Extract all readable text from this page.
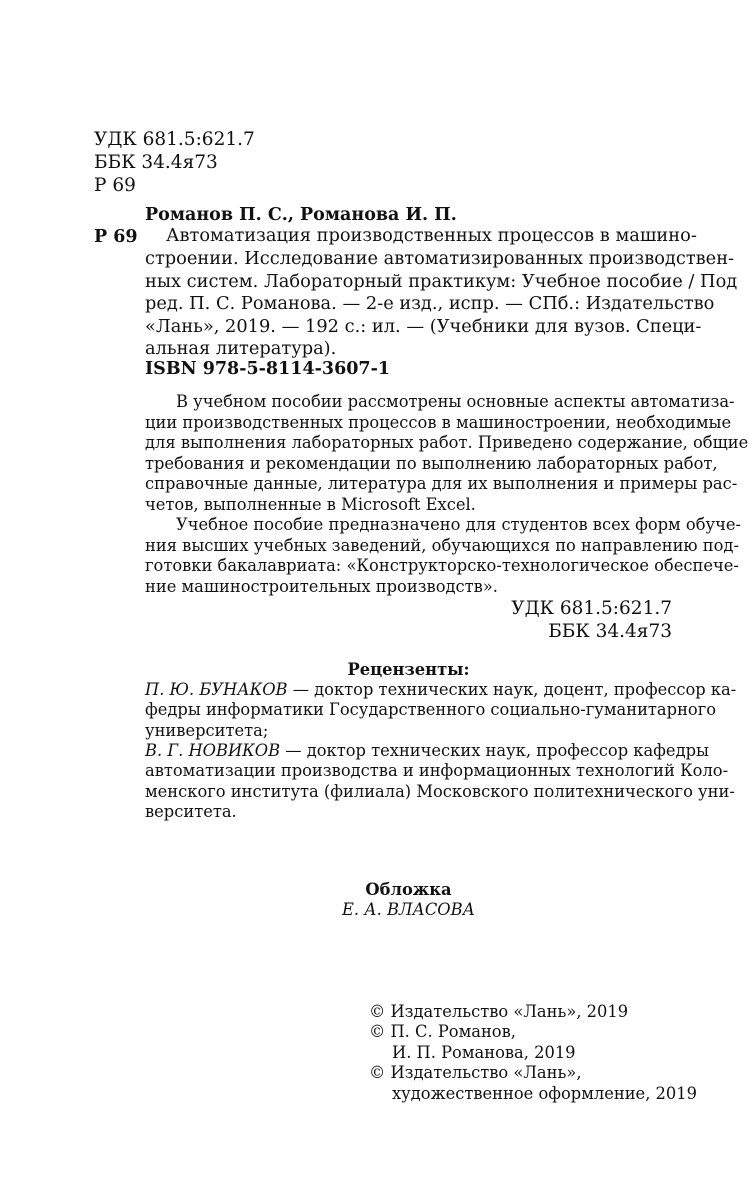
УДК 681.5:621.7
ББК 34.4я73
Р 69
Романов П. С., Романова И. П.
Р 69 Автоматизация производственных процессов в машино-
строении. Исследование автоматизированных производствен-
ных систем. Лабораторный практикум: Учебное пособие / Под
ред. П. С. Романова. — 2-е изд., испр. — СПб.: Издательство
«Лань», 2019. — 192 с.: ил. — (Учебники для вузов. Специ-
альная литература).
ISBN 978-5-8114-3607-1
В учебном пособии рассмотрены основные аспекты автоматиза-
ции производственных процессов в машиностроении, необходимые
для выполнения лабораторных работ. Приведено содержание, общие
требования и рекомендации по выполнению лабораторных работ,
справочные данные, литература для их выполнения и примеры рас-
четов, выполненные в Microsoft Excel.
Учебное пособие предназначено для студентов всех форм обуче-
ния высших учебных заведений, обучающихся по направлению под-
готовки бакалавриата: «Конструкторско-технологическое обеспече-
ние машиностроительных производств».
УДК 681.5:621.7
ББК 34.4я73
Рецензенты:
П. Ю. БУНАКОВ — доктор технических наук, доцент, профессор ка-
федры информатики Государственного социально-гуманитарного
университета;
В. Г. НОВИКОВ — доктор технических наук, профессор кафедры
автоматизации производства и информационных технологий Коло-
менского института (филиала) Московского политехнического уни-
верситета.
Обложка
Е. А. ВЛАСОВА
© Издательство «Лань», 2019
© П. С. Романов,
И. П. Романова, 2019
© Издательство «Лань»,
художественное оформление, 2019
